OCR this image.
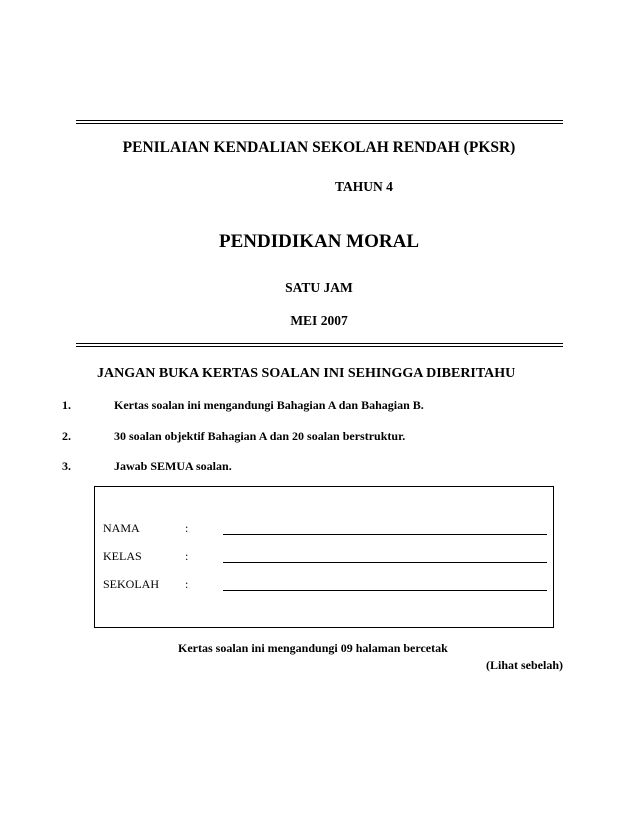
PENILAIAN KENDALIAN SEKOLAH RENDAH (PKSR)
TAHUN 4
PENDIDIKAN MORAL
SATU JAM
MEI 2007
JANGAN BUKA KERTAS SOALAN INI SEHINGGA DIBERITAHU
1.	Kertas soalan ini mengandungi Bahagian A dan Bahagian B.
2.	30 soalan objektif Bahagian A dan 20 soalan berstruktur.
3.	Jawab SEMUA soalan.
NAMA	:
KELAS	:
SEKOLAH :
Kertas soalan ini mengandungi 09 halaman bercetak
(Lihat sebelah)
